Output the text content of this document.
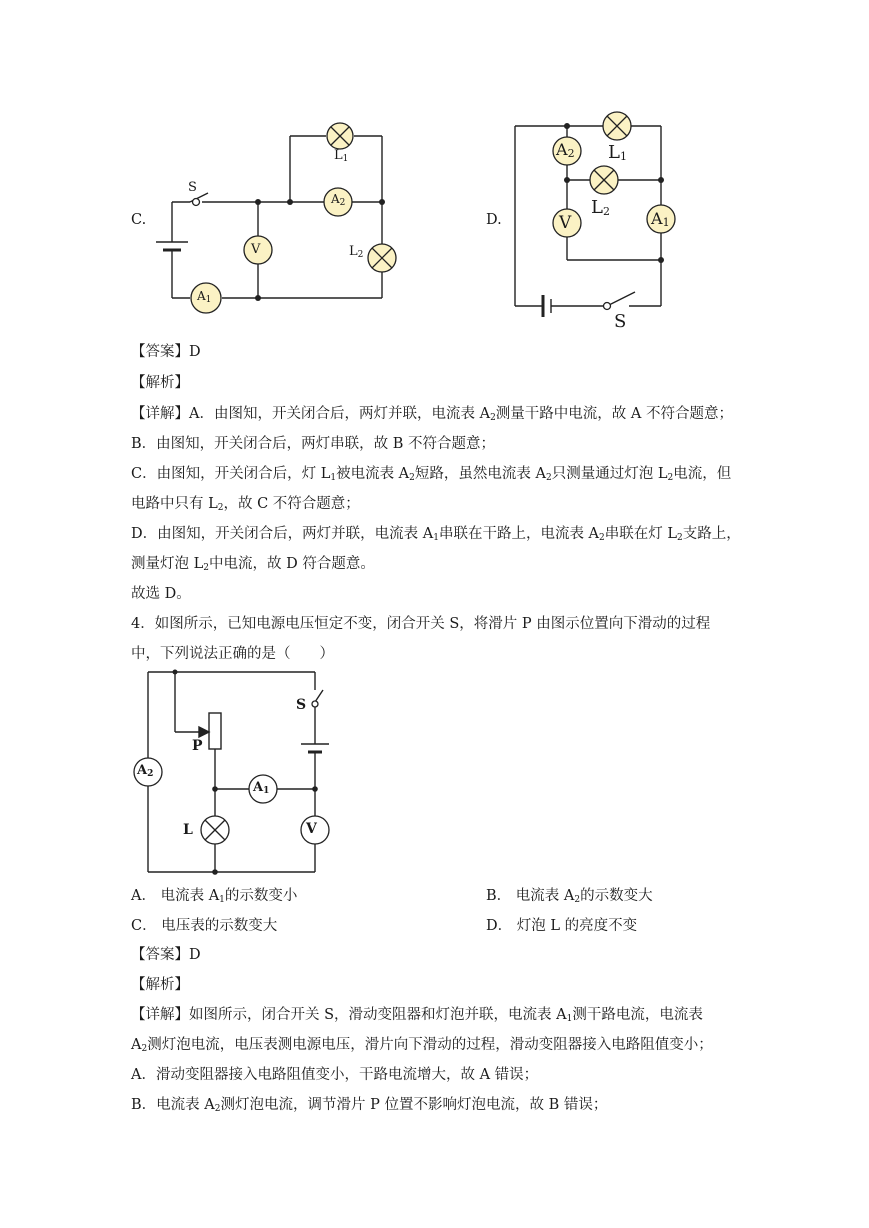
C.
S
$L_1$
$A_2$
V	$L_2$
$A_1$
D.
$A_2$ $L_1$
$L_2$
V	$A_1$
S
【答案】D
【解析】
【详解】A．由图知，开关闭合后，两灯并联，电流表 $A_2$测量干路中电流，故 A 不符合题意；
B．由图知，开关闭合后，两灯串联，故 B 不符合题意；
C．由图知，开关闭合后，灯 $L_1$被电流表 $A_2$短路，虽然电流表 $A_2$只测量通过灯泡 $L_2$电流，但
电路中只有 $L_2$，故 C 不符合题意；
D．由图知，开关闭合后，两灯并联，电流表 $A_1$串联在干路上，电流表 $A_2$串联在灯 $L_2$支路上，
测量灯泡 $L_2$中电流，故 D 符合题意。
故选 D。
4．如图所示，已知电源电压恒定不变，闭合开关 S，将滑片 P 由图示位置向下滑动的过程
中，下列说法正确的是（　　）
S
P
$A_2$
$A_1$
L	V
A． 电流表 $A_1$的示数变小	B． 电流表 $A_2$的示数变大
C． 电压表的示数变大	D． 灯泡 L 的亮度不变
【答案】D
【解析】
【详解】如图所示，闭合开关 S，滑动变阻器和灯泡并联，电流表 $A_1$测干路电流，电流表
$A_2$测灯泡电流，电压表测电源电压，滑片向下滑动的过程，滑动变阻器接入电路阻值变小；
A．滑动变阻器接入电路阻值变小，干路电流增大，故 A 错误；
B．电流表 $A_2$测灯泡电流，调节滑片 P 位置不影响灯泡电流，故 B 错误；
